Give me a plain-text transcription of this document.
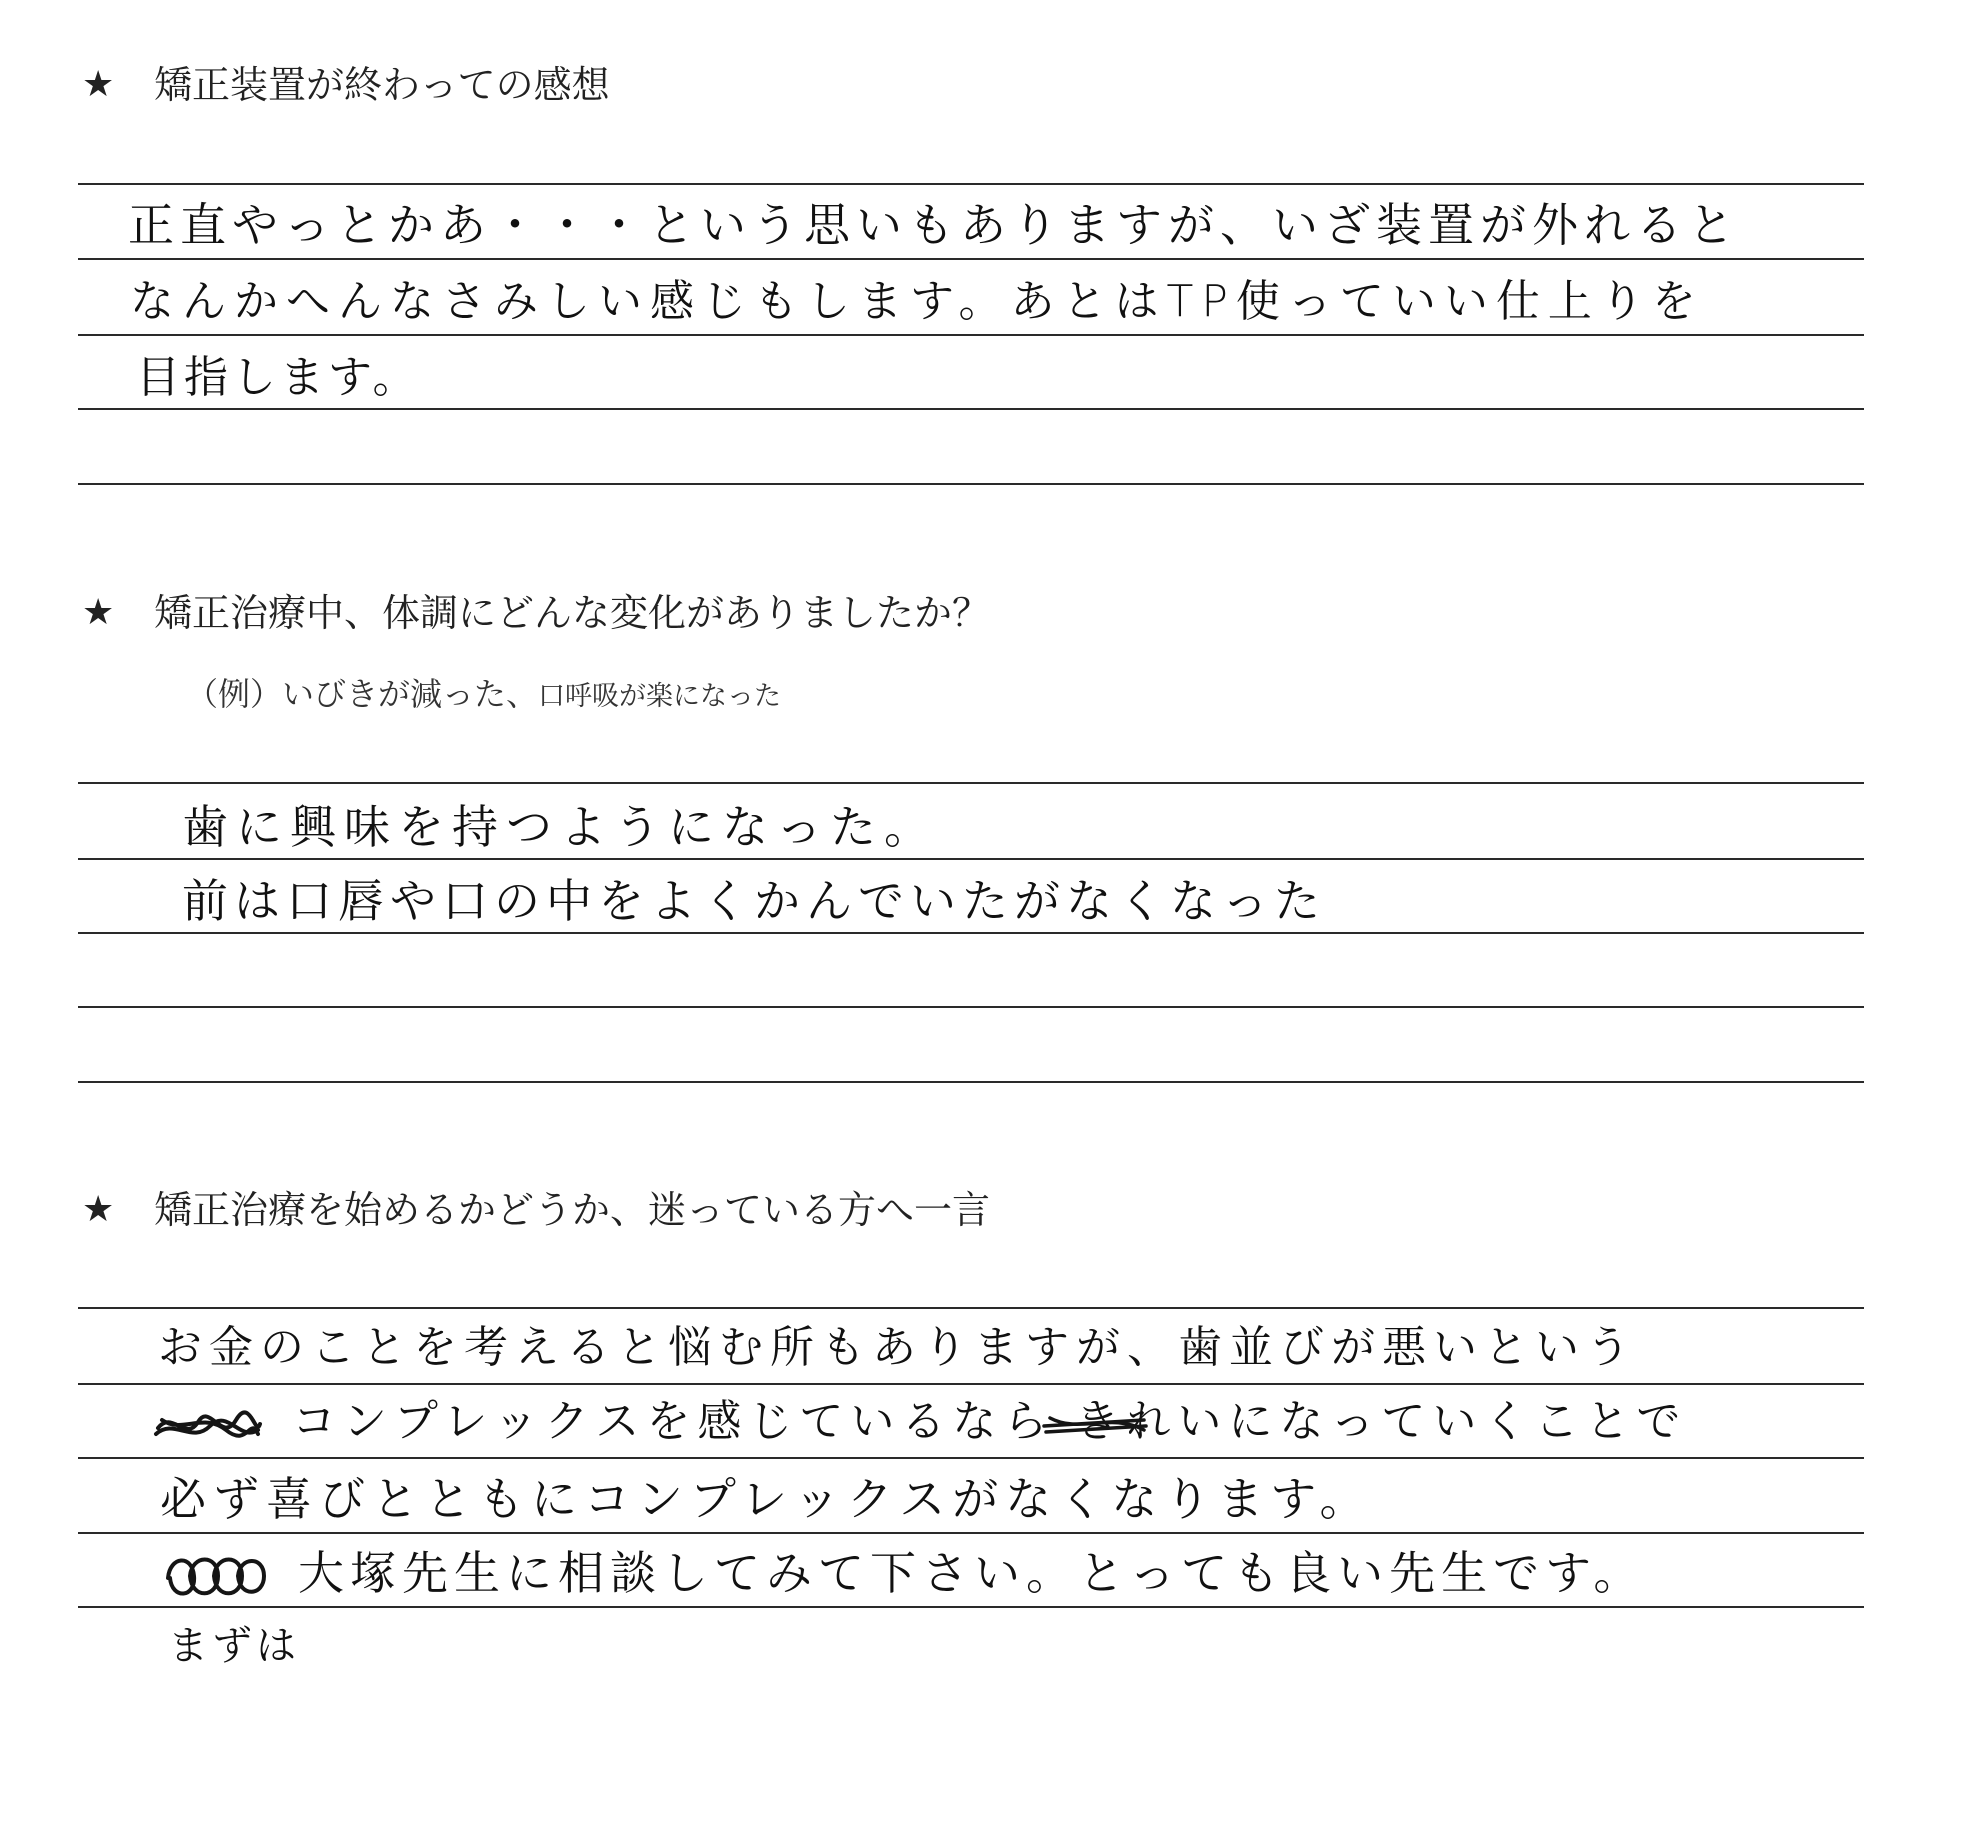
★ 矯正装置が終わっての感想
正直やっとかあ・・・という思いもありますが、いざ装置が外れると
なんかへんなさみしい感じもします。あとはTP使っていい仕上りを
目指します。
★ 矯正治療中、体調にどんな変化がありましたか？
（例）いびきが減った、口呼吸が楽になった
歯に興味を持つようになった。
前は口唇や口の中をよくかんでいたがなくなった
★ 矯正治療を始めるかどうか、迷っている方へ一言
お金のことを考えると悩む所もありますが、歯並びが悪いという
コンプレックスを感じているなら きれいになっていくことで
必ず喜びとともにコンプレックスがなくなります。
大塚先生に相談してみて下さい。とっても良い先生です。
まずは
